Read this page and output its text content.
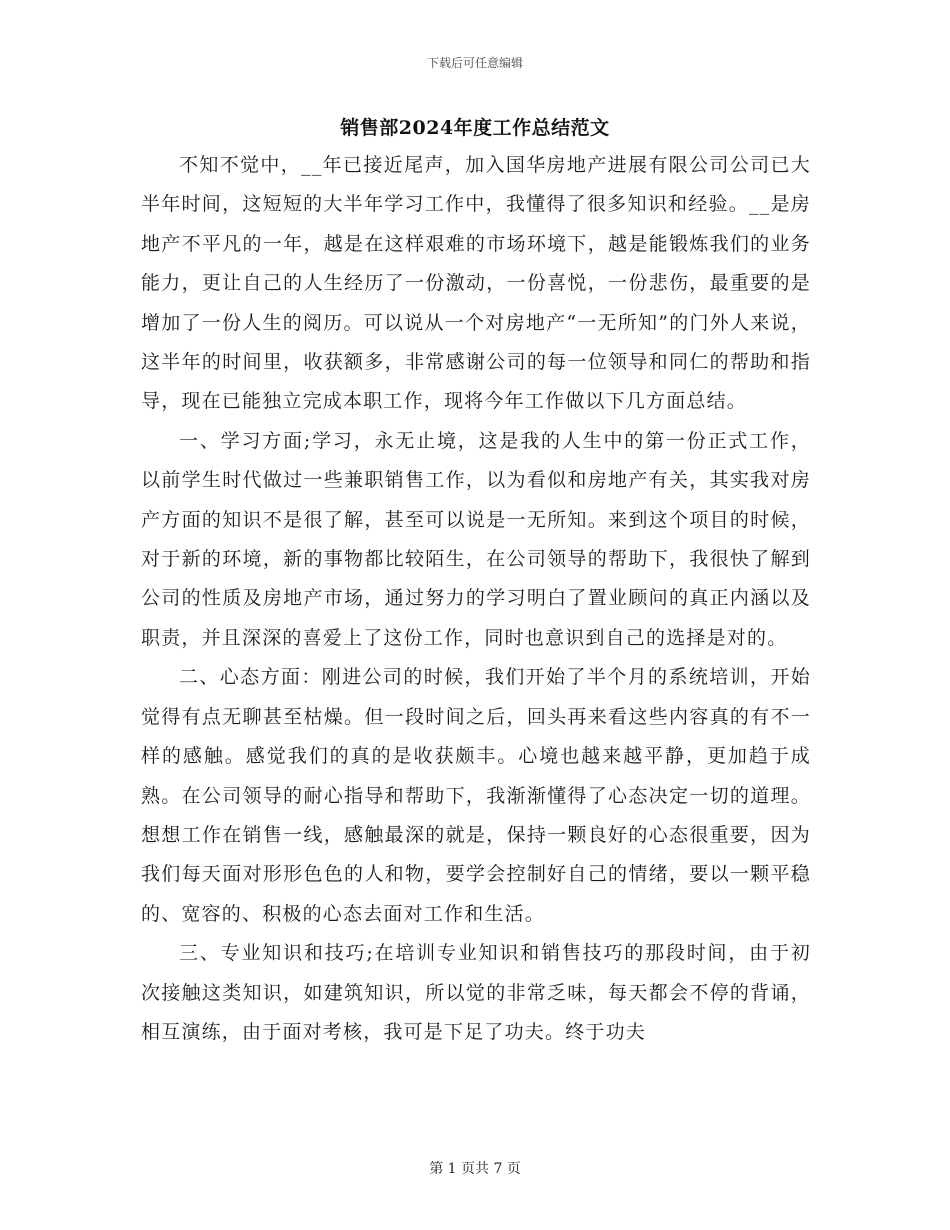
下载后可任意编辑
销售部2024年度工作总结范文

不知不觉中，__年已接近尾声，加入国华房地产进展有限公司公司已大半年时间，这短短的大半年学习工作中，我懂得了很多知识和经验。__是房地产不平凡的一年，越是在这样艰难的市场环境下，越是能锻炼我们的业务能力，更让自己的人生经历了一份激动，一份喜悦，一份悲伤，最重要的是增加了一份人生的阅历。可以说从一个对房地产“一无所知”的门外人来说，这半年的时间里，收获额多，非常感谢公司的每一位领导和同仁的帮助和指导，现在已能独立完成本职工作，现将今年工作做以下几方面总结。

一、学习方面;学习，永无止境，这是我的人生中的第一份正式工作，以前学生时代做过一些兼职销售工作，以为看似和房地产有关，其实我对房产方面的知识不是很了解，甚至可以说是一无所知。来到这个项目的时候，对于新的环境，新的事物都比较陌生，在公司领导的帮助下，我很快了解到公司的性质及房地产市场，通过努力的学习明白了置业顾问的真正内涵以及职责，并且深深的喜爱上了这份工作，同时也意识到自己的选择是对的。

二、心态方面：刚进公司的时候，我们开始了半个月的系统培训，开始觉得有点无聊甚至枯燥。但一段时间之后，回头再来看这些内容真的有不一样的感触。感觉我们的真的是收获颇丰。心境也越来越平静，更加趋于成熟。在公司领导的耐心指导和帮助下，我渐渐懂得了心态决定一切的道理。想想工作在销售一线，感触最深的就是，保持一颗良好的心态很重要，因为我们每天面对形形色色的人和物，要学会控制好自己的情绪，要以一颗平稳的、宽容的、积极的心态去面对工作和生活。

三、专业知识和技巧;在培训专业知识和销售技巧的那段时间，由于初次接触这类知识，如建筑知识，所以觉的非常乏味，每天都会不停的背诵，相互演练，由于面对考核，我可是下足了功夫。终于功夫

第 1 页共 7 页
